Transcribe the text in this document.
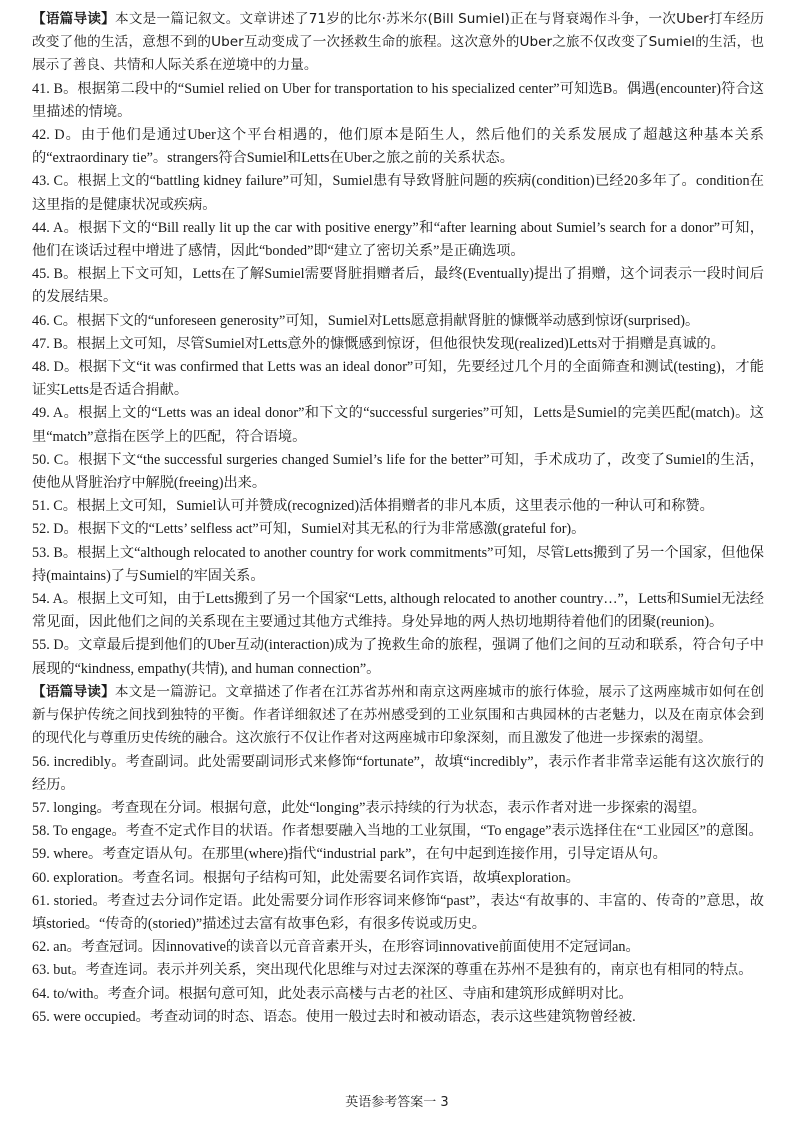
【语篇导读】本文是一篇记叙文。文章讲述了71岁的比尔·苏米尔(Bill Sumiel)正在与肾衰竭作斗争，一次Uber打车经历改变了他的生活，意想不到的Uber互动变成了一次拯救生命的旅程。这次意外的Uber之旅不仅改变了Sumiel的生活，也展示了善良、共情和人际关系在逆境中的力量。

41. B。根据第二段中的“Sumiel relied on Uber for transportation to his specialized center”可知选B。偶遇(encounter)符合这里描述的情境。

42. D。由于他们是通过Uber这个平台相遇的，他们原本是陌生人，然后他们的关系发展成了超越这种基本关系的“extraordinary tie”。strangers符合Sumiel和Letts在Uber之旅之前的关系状态。

43. C。根据上文的“battling kidney failure”可知，Sumiel患有导致肾脏问题的疾病(condition)已经20多年了。condition在这里指的是健康状况或疾病。

44. A。根据下文的“Bill really lit up the car with positive energy”和“after learning about Sumiel’s search for a donor”可知，他们在谈话过程中增进了感情，因此“bonded”即“建立了密切关系”是正确选项。

45. B。根据上下文可知，Letts在了解Sumiel需要肾脏捐赠者后，最终(Eventually)提出了捐赠，这个词表示一段时间后的发展结果。

46. C。根据下文的“unforeseen generosity”可知，Sumiel对Letts愿意捐献肾脏的慷慨举动感到惊讶(surprised)。

47. B。根据上文可知，尽管Sumiel对Letts意外的慷慨感到惊讶，但他很快发现(realized)Letts对于捐赠是真诚的。

48. D。根据下文“it was confirmed that Letts was an ideal donor”可知，先要经过几个月的全面筛查和测试(testing)，才能证实Letts是否适合捐献。

49. A。根据上文的“Letts was an ideal donor”和下文的“successful surgeries”可知，Letts是Sumiel的完美匹配(match)。这里“match”意指在医学上的匹配，符合语境。

50. C。根据下文“the successful surgeries changed Sumiel’s life for the better”可知，手术成功了，改变了Sumiel的生活，使他从肾脏治疗中解脱(freeing)出来。

51. C。根据上文可知，Sumiel认可并赞成(recognized)活体捐赠者的非凡本质，这里表示他的一种认可和称赞。

52. D。根据下文的“Letts’ selfless act”可知，Sumiel对其无私的行为非常感激(grateful for)。

53. B。根据上文“although relocated to another country for work commitments”可知，尽管Letts搬到了另一个国家，但他保持(maintains)了与Sumiel的牢固关系。

54. A。根据上文可知，由于Letts搬到了另一个国家“Letts, although relocated to another country…”，Letts和Sumiel无法经常见面，因此他们之间的关系现在主要通过其他方式维持。身处异地的两人热切地期待着他们的团聚(reunion)。

55. D。文章最后提到他们的Uber互动(interaction)成为了挽救生命的旅程，强调了他们之间的互动和联系，符合句子中展现的“kindness, empathy(共情), and human connection”。

【语篇导读】本文是一篇游记。文章描述了作者在江苏省苏州和南京这两座城市的旅行体验，展示了这两座城市如何在创新与保护传统之间找到独特的平衡。作者详细叙述了在苏州感受到的工业氛围和古典园林的古老魅力，以及在南京体会到的现代化与尊重历史传统的融合。这次旅行不仅让作者对这两座城市印象深刻，而且激发了他进一步探索的渴望。

56. incredibly。考查副词。此处需要副词形式来修饰“fortunate”，故填“incredibly”，表示作者非常幸运能有这次旅行的经历。

57. longing。考查现在分词。根据句意，此处“longing”表示持续的行为状态，表示作者对进一步探索的渴望。

58. To engage。考查不定式作目的状语。作者想要融入当地的工业氛围，“To engage”表示选择住在“工业园区”的意图。

59. where。考查定语从句。在那里(where)指代“industrial park”，在句中起到连接作用，引导定语从句。

60. exploration。考查名词。根据句子结构可知，此处需要名词作宾语，故填exploration。

61. storied。考查过去分词作定语。此处需要分词作形容词来修饰“past”，表达“有故事的、丰富的、传奇的”意思，故填storied。“传奇的(storied)”描述过去富有故事色彩，有很多传说或历史。

62. an。考查冠词。因innovative的读音以元音音素开头，在形容词innovative前面使用不定冠词an。

63. but。考查连词。表示并列关系，突出现代化思维与对过去深深的尊重在苏州不是独有的，南京也有相同的特点。

64. to/with。考查介词。根据句意可知，此处表示高楼与古老的社区、寺庙和建筑形成鲜明对比。

65. were occupied。考查动词的时态、语态。使用一般过去时和被动语态，表示这些建筑物曾经被.

英语参考答案一 3
